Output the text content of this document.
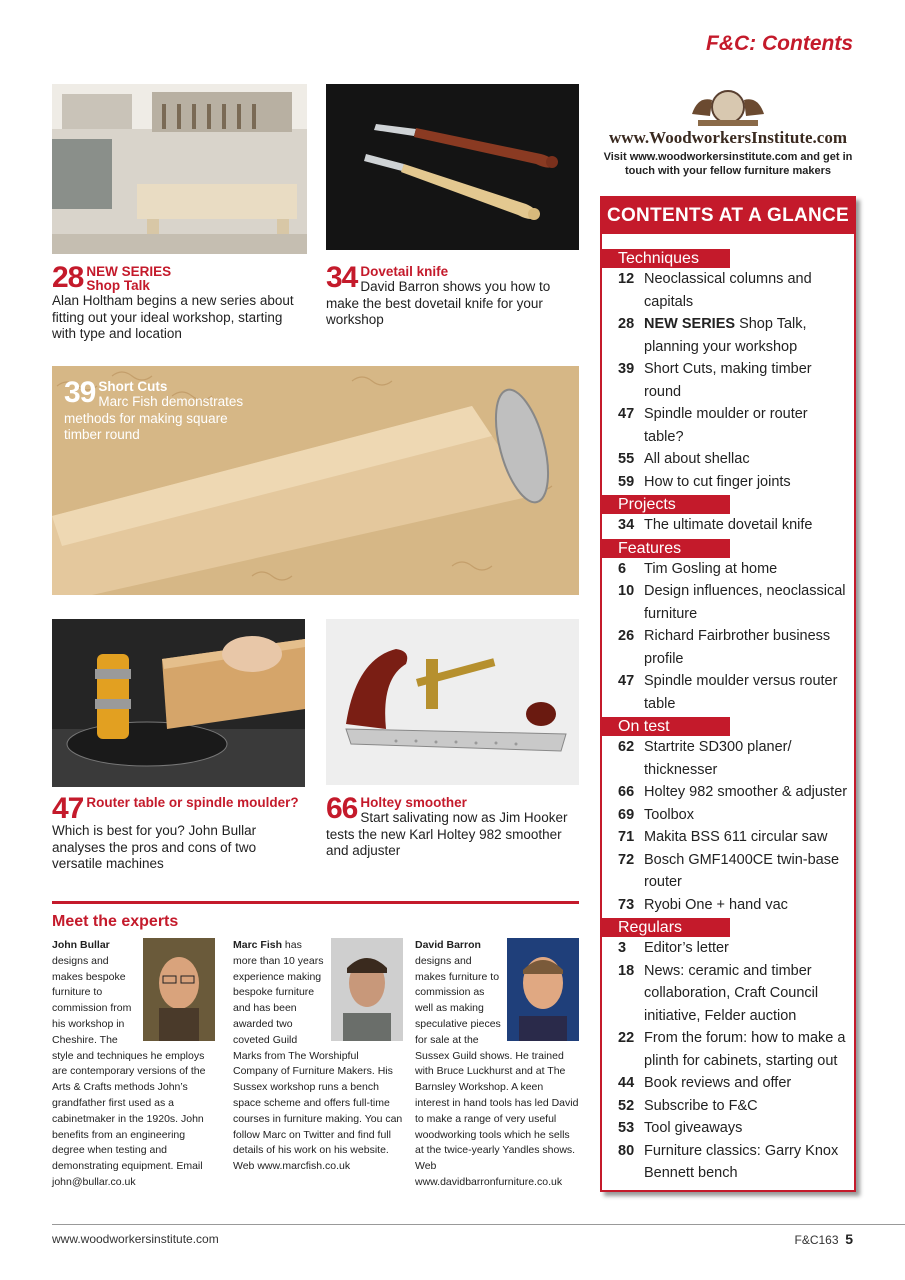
F&C: Contents
28 NEW SERIES
Shop Talk
Alan Holtham begins a new series about fitting out your ideal workshop, starting with type and location
34 Dovetail knife
David Barron shows you how to make the best dovetail knife for your workshop
39 Short Cuts
Marc Fish demonstrates methods for making square timber round
47 Router table or spindle moulder?
Which is best for you? John Bullar analyses the pros and cons of two versatile machines
66 Holtey smoother
Start salivating now as Jim Hooker tests the new Karl Holtey 982 smoother and adjuster
www.WoodworkersInstitute.com
Visit www.woodworkersinstitute.com and get in touch with your fellow furniture makers
CONTENTS AT A GLANCE
Techniques
12 Neoclassical columns and capitals
28 NEW SERIES Shop Talk, planning your workshop
39 Short Cuts, making timber round
47 Spindle moulder or router table?
55 All about shellac
59 How to cut finger joints
Projects
34 The ultimate dovetail knife
Features
6	Tim Gosling at home
10 Design influences, neoclassical furniture
26 Richard Fairbrother business profile
47 Spindle moulder versus router table
On test
62 Startrite SD300 planer/ thicknesser
66 Holtey 982 smoother & adjuster
69 Toolbox
71 Makita BSS 611 circular saw
72 Bosch GMF1400CE twin-base router
73 Ryobi One + hand vac
Regulars
3	Editor’s letter
18 News: ceramic and timber collaboration, Craft Council initiative, Felder auction
22 From the forum: how to make a plinth for cabinets, starting out
44 Book reviews and offer
52 Subscribe to F&C
53 Tool giveaways
80 Furniture classics: Garry Knox Bennett bench
Meet the experts
John Bullar designs and makes bespoke furniture to commission from his workshop in Cheshire. The style and techniques he employs are contemporary versions of the Arts & Crafts methods John’s grandfather first used as a cabinetmaker in the 1920s. John benefits from an engineering degree when testing and demonstrating equipment. Email john@bullar.co.uk
Marc Fish has more than 10 years experience making bespoke furniture and has been awarded two coveted Guild Marks from The Worshipful Company of Furniture Makers. His Sussex workshop runs a bench space scheme and offers full-time courses in furniture making. You can follow Marc on Twitter and find full details of his work on his website. Web www.marcfish.co.uk
David Barron designs and makes furniture to commission as well as making speculative pieces for sale at the Sussex Guild shows. He trained with Bruce Luckhurst and at The Barnsley Workshop. A keen interest in hand tools has led David to make a range of very useful woodworking tools which he sells at the twice-yearly Yandles shows. Web www.davidbarronfurniture.co.uk
www.woodworkersinstitute.com	F&C163 5
